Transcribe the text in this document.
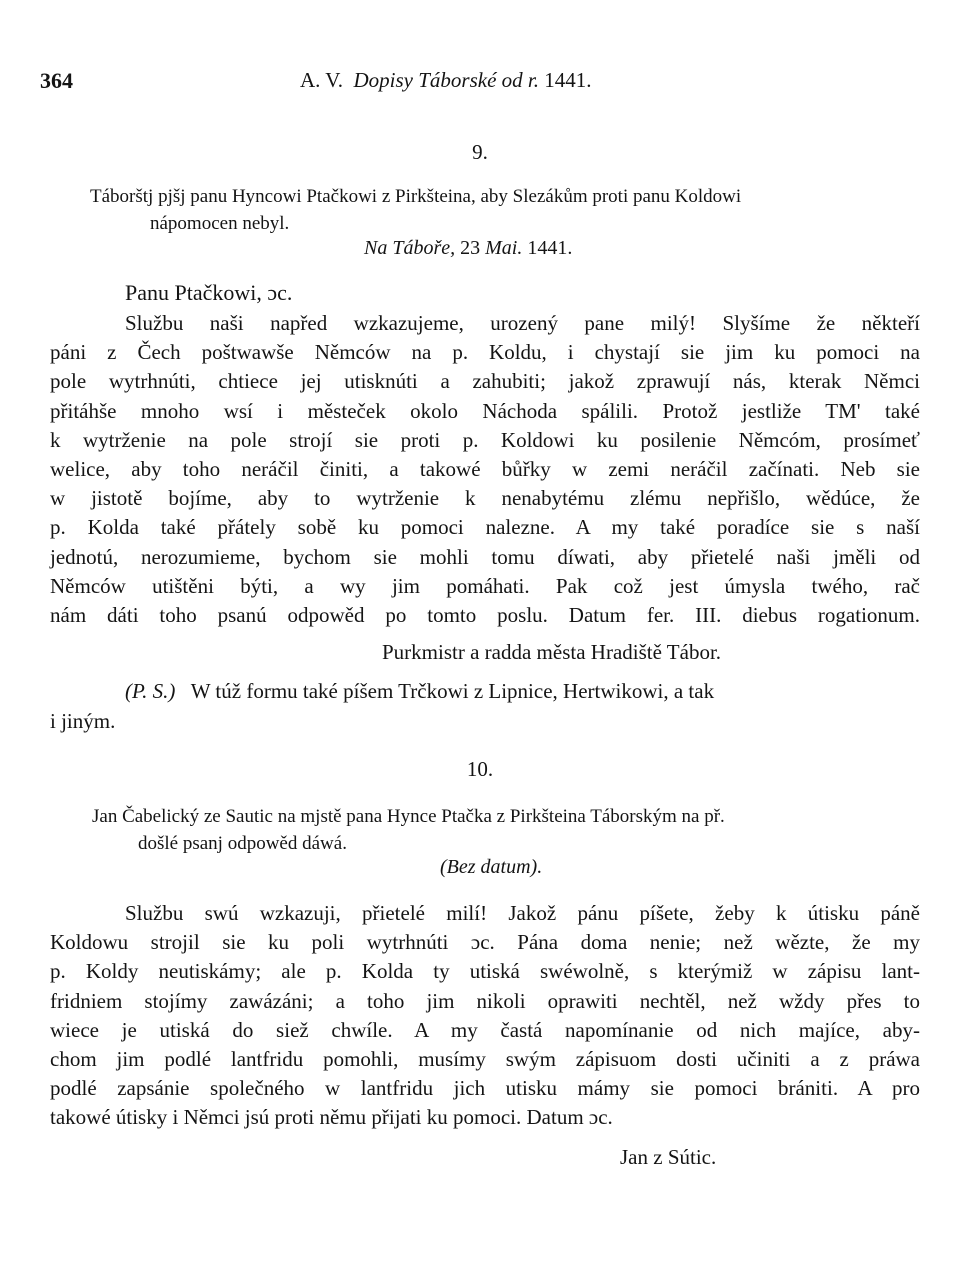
364	A. V. Dopisy Táborské od r. 1441.
9.
Táborštj pjšj panu Hyncowi Ptačkowi z Pirkšteina, aby Slezákům proti panu Koldowi
nápomocen nebyl.
Na Táboře, 23 Mai. 1441.
Panu Ptačkowi, ɔc.
Službu naši napřed wzkazujeme, urozený pane milý! Slyšíme že někteří
páni z Čech poštwawše Němców na p. Koldu, i chystají sie jim ku pomoci na
pole wytrhnúti, chtiece jej utisknúti a zahubiti; jakož zprawují nás, kterak Němci
přitáhše mnoho wsí i městeček okolo Náchoda spálili. Protož jestliže TM' také
k wytrženie na pole strojí sie proti p. Koldowi ku posilenie Němcóm, prosímeť
welice, aby toho neráčil činiti, a takowé bůřky w zemi neráčil začínati. Neb sie
w jistotě bojíme, aby to wytrženie k nenabytému zlému nepřišlo, wědúce, že
p. Kolda také přátely sobě ku pomoci nalezne. A my také poradíce sie s naší
jednotú, nerozumieme, bychom sie mohli tomu díwati, aby přietelé naši jměli od
Němców utištěni býti, a wy jim pomáhati. Pak což jest úmysla twého, rač
nám dáti toho psanú odpowěd po tomto poslu. Datum fer. III. diebus rogationum.
Purkmistr a radda města Hradiště Tábor.
(P. S.) W túž formu také píšem Trčkowi z Lipnice, Hertwikowi, a tak
i jiným.
10.
Jan Čabelický ze Sautic na mjstě pana Hynce Ptačka z Pirkšteina Táborským na př.
došlé psanj odpowěd dáwá.
(Bez datum).
Službu swú wzkazuji, přietelé milí! Jakož pánu píšete, žeby k útisku páně
Koldowu strojil sie ku poli wytrhnúti ɔc. Pána doma nenie; než wězte, že my
p. Koldy neutiskámy; ale p. Kolda ty utiská swéwolně, s kterýmiž w zápisu lant-
fridniem stojímy zawázáni; a toho jim nikoli oprawiti nechtěl, než wždy přes to
wiece je utiská do siež chwíle. A my častá napomínanie od nich majíce, aby-
chom jim podlé lantfridu pomohli, musímy swým zápisuom dosti učiniti a z práwa
podlé zapsánie společného w lantfridu jich utisku mámy sie pomoci brániti. A pro
takowé útisky i Němci jsú proti němu přijati ku pomoci. Datum ɔc.
Jan z Sútic.
